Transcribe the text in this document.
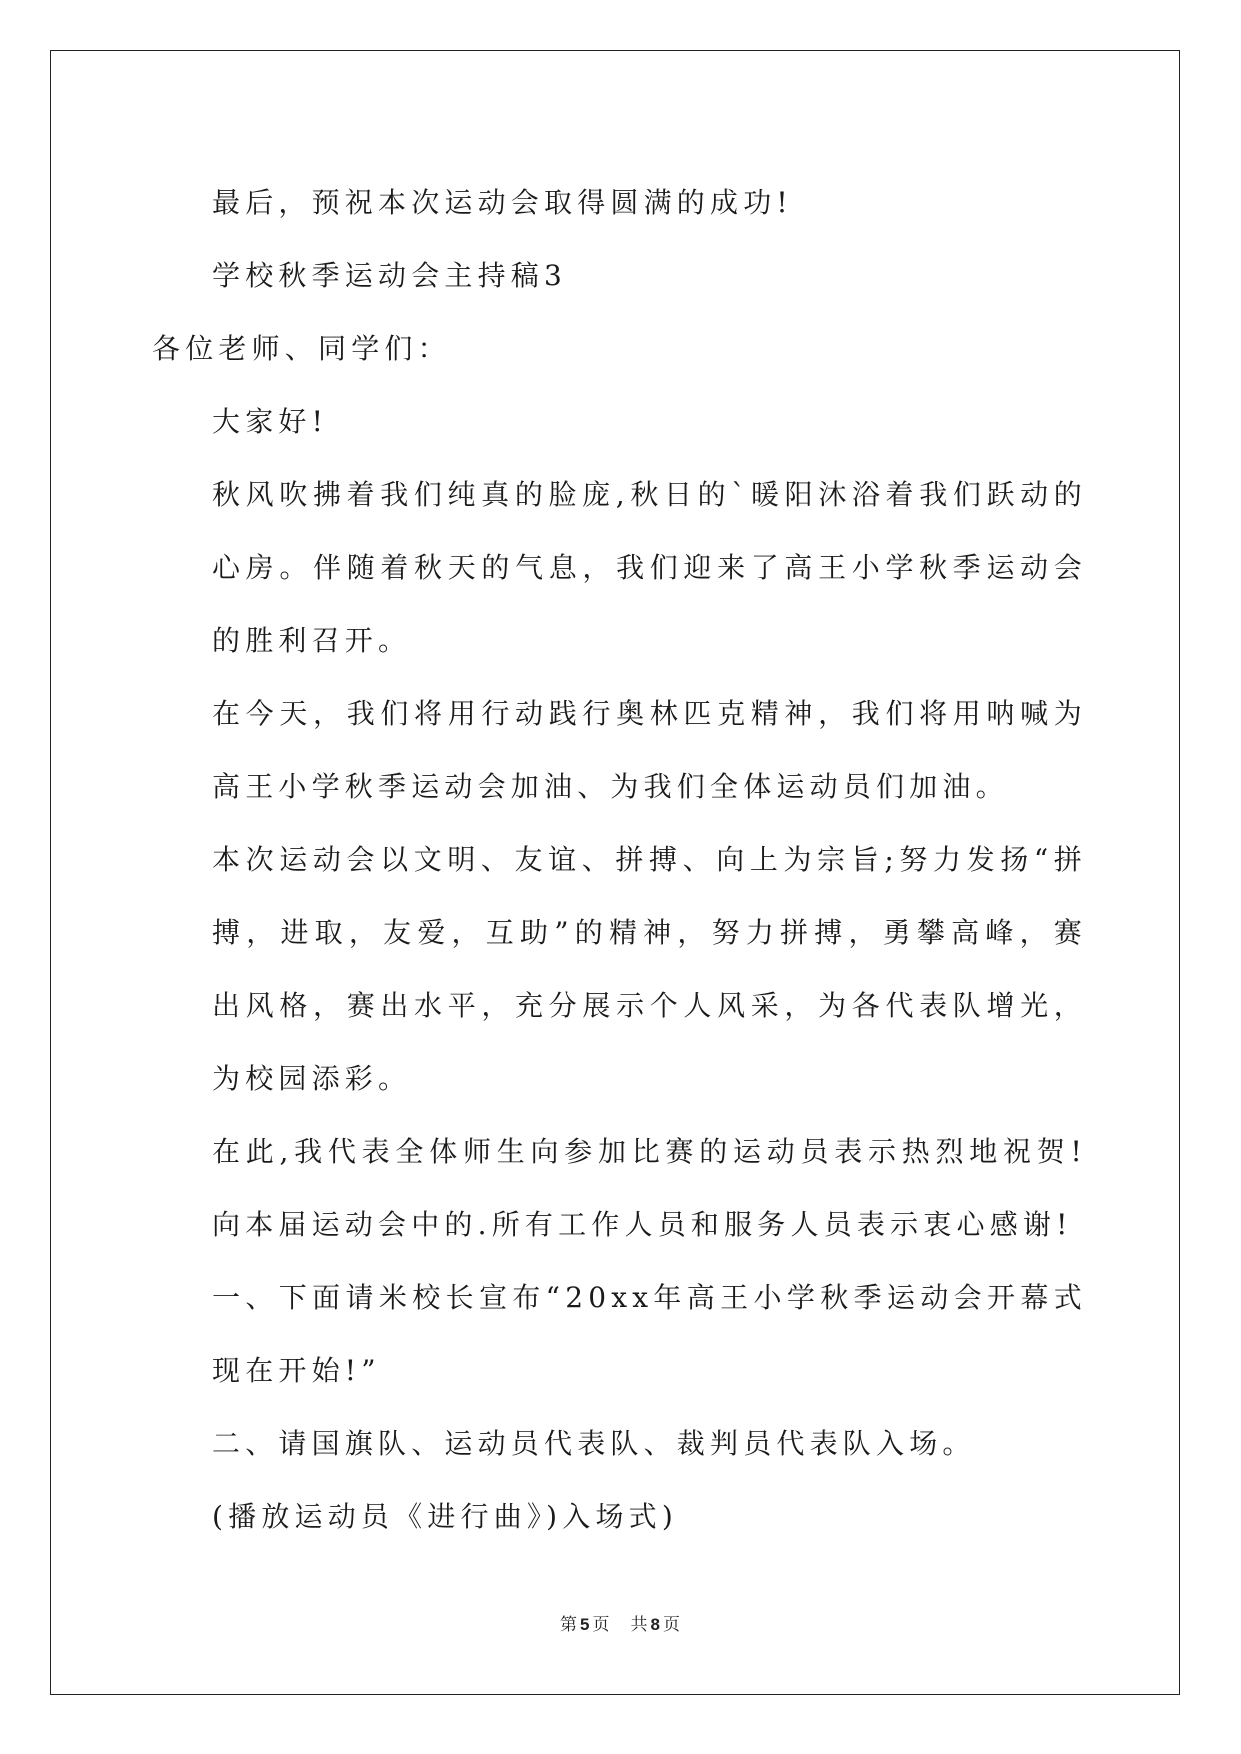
最后，预祝本次运动会取得圆满的成功!

学校秋季运动会主持稿3

各位老师、同学们：

大家好!

秋风吹拂着我们纯真的脸庞,秋日的`暖阳沐浴着我们跃动的心房。伴随着秋天的气息，我们迎来了高王小学秋季运动会的胜利召开。

在今天，我们将用行动践行奥林匹克精神，我们将用呐喊为高王小学秋季运动会加油、为我们全体运动员们加油。

本次运动会以文明、友谊、拼搏、向上为宗旨;努力发扬“拼搏，进取，友爱，互助”的精神，努力拼搏，勇攀高峰，赛出风格，赛出水平，充分展示个人风采，为各代表队增光，为校园添彩。

在此,我代表全体师生向参加比赛的运动员表示热烈地祝贺!向本届运动会中的.所有工作人员和服务人员表示衷心感谢!

一、下面请米校长宣布“20xx年高王小学秋季运动会开幕式现在开始!”

二、请国旗队、运动员代表队、裁判员代表队入场。

(播放运动员《进行曲》)入场式)

第 5 页 共 8 页
